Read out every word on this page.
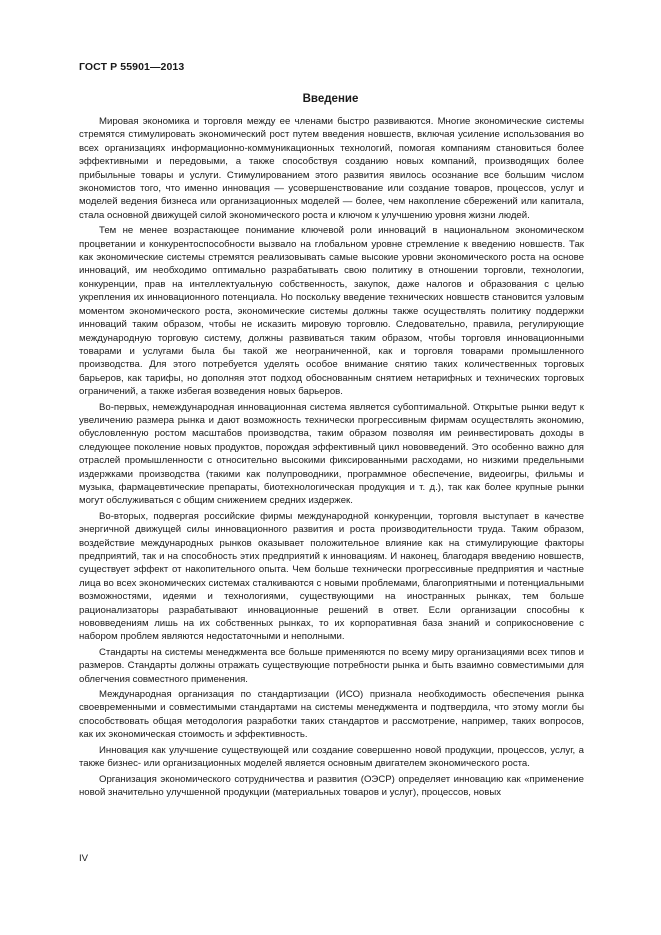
ГОСТ Р 55901—2013
Введение

Мировая экономика и торговля между ее членами быстро развиваются. Многие экономические системы стремятся стимулировать экономический рост путем введения новшеств, включая усиление использования во всех организациях информационно-коммуникационных технологий, помогая компаниям становиться более эффективными и передовыми, а также способствуя созданию новых компаний, производящих более прибыльные товары и услуги. Стимулированием этого развития явилось осознание все большим числом экономистов того, что именно инновация — усовершенствование или создание товаров, процессов, услуг и моделей ведения бизнеса или организационных моделей — более, чем накопление сбережений или капитала, стала основной движущей силой экономического роста и ключом к улучшению уровня жизни людей.

Тем не менее возрастающее понимание ключевой роли инноваций в национальном экономическом процветании и конкурентоспособности вызвало на глобальном уровне стремление к введению новшеств. Так как экономические системы стремятся реализовывать самые высокие уровни экономического роста на основе инноваций, им необходимо оптимально разрабатывать свою политику в отношении торговли, технологии, конкуренции, прав на интеллектуальную собственность, закупок, даже налогов и образования с целью укрепления их инновационного потенциала. Но поскольку введение технических новшеств становится узловым моментом экономического роста, экономические системы должны также осуществлять политику поддержки инноваций таким образом, чтобы не исказить мировую торговлю. Следовательно, правила, регулирующие международную торговую систему, должны развиваться таким образом, чтобы торговля инновационными товарами и услугами была бы такой же неограниченной, как и торговля товарами промышленного производства. Для этого потребуется уделять особое внимание снятию таких количественных торговых барьеров, как тарифы, но дополняя этот подход обоснованным снятием нетарифных и технических торговых ограничений, а также избегая возведения новых барьеров.

Во-первых, немеждународная инновационная система является субоптимальной. Открытые рынки ведут к увеличению размера рынка и дают возможность технически прогрессивным фирмам осуществлять экономию, обусловленную ростом масштабов производства, таким образом позволяя им реинвестировать доходы в следующее поколение новых продуктов, порождая эффективный цикл нововведений. Это особенно важно для отраслей промышленности с относительно высокими фиксированными расходами, но низкими предельными издержками производства (такими как полупроводники, программное обеспечение, видеоигры, фильмы и музыка, фармацевтические препараты, биотехнологическая продукция и т. д.), так как более крупные рынки могут обслуживаться с общим снижением средних издержек.

Во-вторых, подвергая российские фирмы международной конкуренции, торговля выступает в качестве энергичной движущей силы инновационного развития и роста производительности труда. Таким образом, воздействие международных рынков оказывает положительное влияние как на стимулирующие факторы предприятий, так и на способность этих предприятий к инновациям. И наконец, благодаря введению новшеств, существует эффект от накопительного опыта. Чем больше технически прогрессивные предприятия и частные лица во всех экономических системах сталкиваются с новыми проблемами, благоприятными и потенциальными возможностями, идеями и технологиями, существующими на иностранных рынках, тем больше рационализаторы разрабатывают инновационные решений в ответ. Если организации способны к нововведениям лишь на их собственных рынках, то их корпоративная база знаний и соприкосновение с набором проблем являются недостаточными и неполными.

Стандарты на системы менеджмента все больше применяются по всему миру организациями всех типов и размеров. Стандарты должны отражать существующие потребности рынка и быть взаимно совместимыми для облегчения совместного применения.

Международная организация по стандартизации (ИСО) признала необходимость обеспечения рынка своевременными и совместимыми стандартами на системы менеджмента и подтвердила, что этому могли бы способствовать общая методология разработки таких стандартов и рассмотрение, например, таких вопросов, как их экономическая стоимость и эффективность.

Инновация как улучшение существующей или создание совершенно новой продукции, процессов, услуг, а также бизнес- или организационных моделей является основным двигателем экономического роста.

Организация экономического сотрудничества и развития (ОЭСР) определяет инновацию как «применение новой значительно улучшенной продукции (материальных товаров и услуг), процессов, новых

IV
